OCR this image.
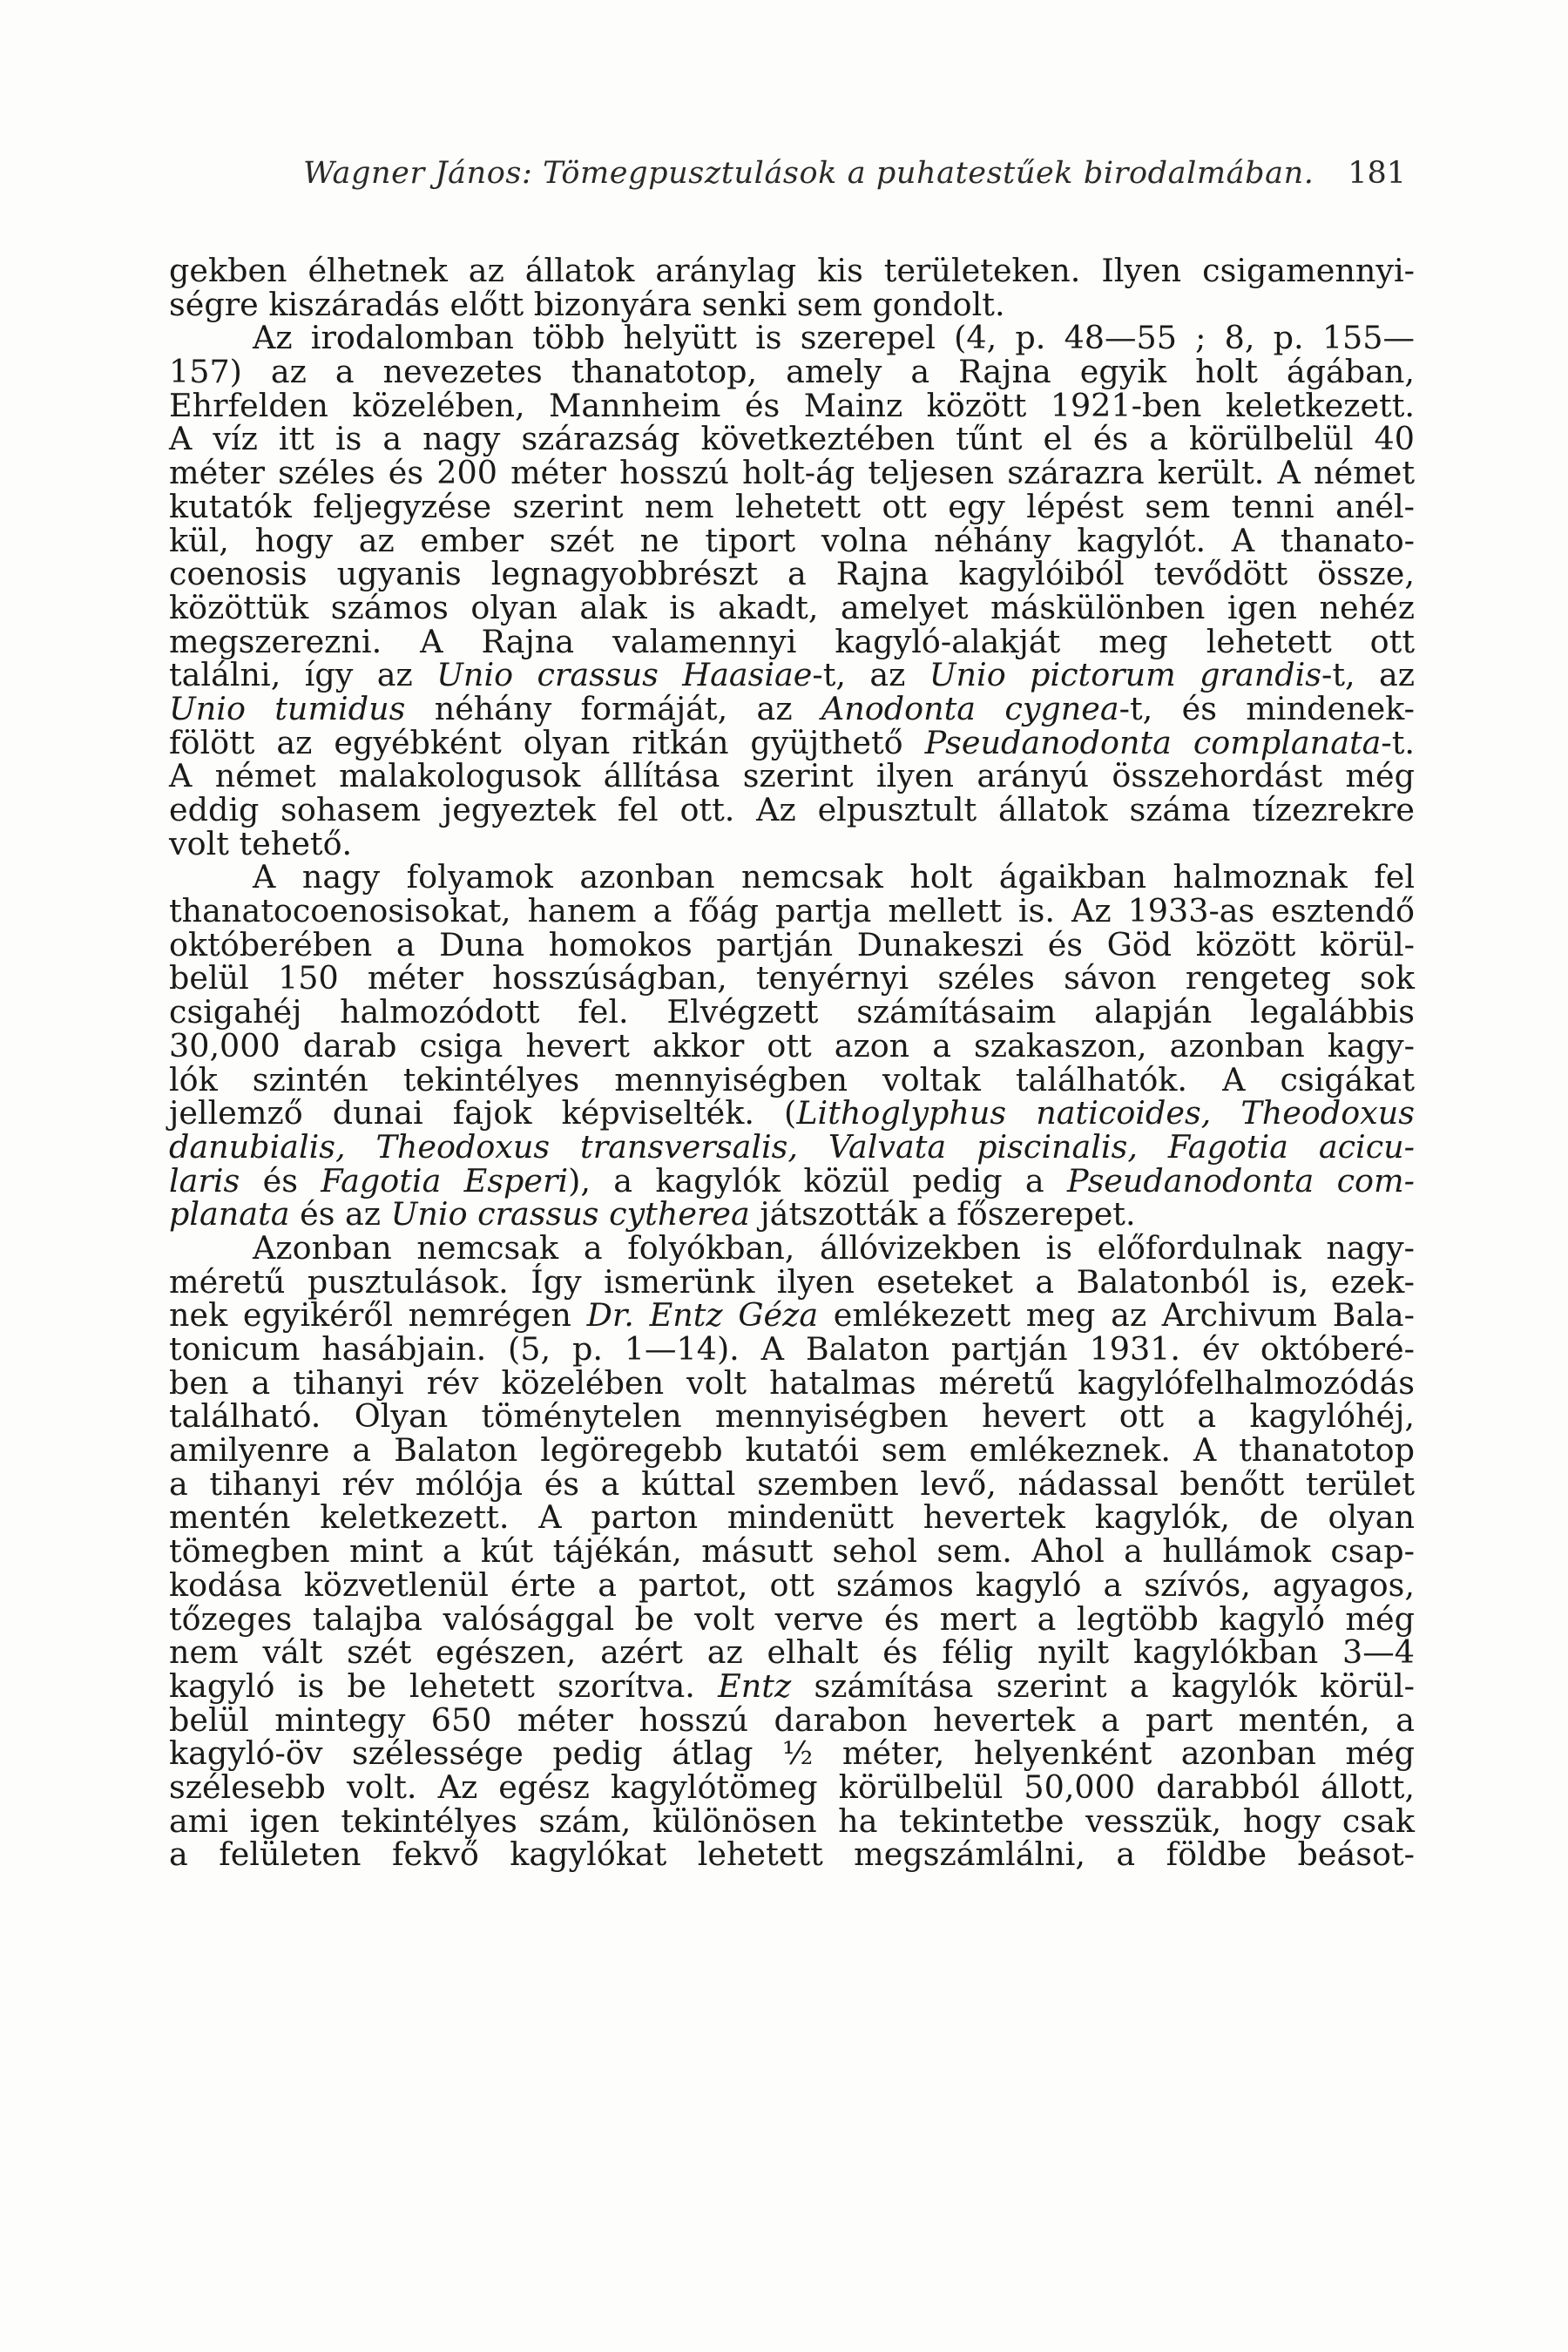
Wagner János: Tömegpusztulások a puhatestűek birodalmában. 181
gekben élhetnek az állatok aránylag kis területeken. Ilyen csigamennyi-
ségre kiszáradás előtt bizonyára senki sem gondolt.
Az irodalomban több helyütt is szerepel (4, p. 48—55 ; 8, p. 155—
157) az a nevezetes thanatotop, amely a Rajna egyik holt ágában,
Ehrfelden közelében, Mannheim és Mainz között 1921-ben keletkezett.
A víz itt is a nagy szárazság következtében tűnt el és a körülbelül 40
méter széles és 200 méter hosszú holt-ág teljesen szárazra került. A német
kutatók feljegyzése szerint nem lehetett ott egy lépést sem tenni anél-
kül, hogy az ember szét ne tiport volna néhány kagylót. A thanato-
coenosis ugyanis legnagyobbrészt a Rajna kagylóiból tevődött össze,
közöttük számos olyan alak is akadt, amelyet máskülönben igen nehéz
megszerezni. A Rajna valamennyi kagyló-alakját meg lehetett ott
találni, így az Unio crassus Haasiae-t, az Unio pictorum grandis-t, az
Unio tumidus néhány formáját, az Anodonta cygnea-t, és mindenek-
fölött az egyébként olyan ritkán gyüjthető Pseudanodonta complanata-t.
A német malakologusok állítása szerint ilyen arányú összehordást még
eddig sohasem jegyeztek fel ott. Az elpusztult állatok száma tízezrekre
volt tehető.
A nagy folyamok azonban nemcsak holt ágaikban halmoznak fel
thanatocoenosisokat, hanem a főág partja mellett is. Az 1933-as esztendő
októberében a Duna homokos partján Dunakeszi és Göd között körül-
belül 150 méter hosszúságban, tenyérnyi széles sávon rengeteg sok
csigahéj halmozódott fel. Elvégzett számításaim alapján legalábbis
30,000 darab csiga hevert akkor ott azon a szakaszon, azonban kagy-
lók szintén tekintélyes mennyiségben voltak találhatók. A csigákat
jellemző dunai fajok képviselték. (Lithoglyphus naticoides, Theodoxus
danubialis, Theodoxus transversalis, Valvata piscinalis, Fagotia acicu-
laris és Fagotia Esperi), a kagylók közül pedig a Pseudanodonta com-
planata és az Unio crassus cytherea játszották a főszerepet.
Azonban nemcsak a folyókban, állóvizekben is előfordulnak nagy-
méretű pusztulások. Így ismerünk ilyen eseteket a Balatonból is, ezek-
nek egyikéről nemrégen Dr. Entz Géza emlékezett meg az Archivum Bala-
tonicum hasábjain. (5, p. 1—14). A Balaton partján 1931. év októberé-
ben a tihanyi rév közelében volt hatalmas méretű kagylófelhalmozódás
található. Olyan töménytelen mennyiségben hevert ott a kagylóhéj,
amilyenre a Balaton legöregebb kutatói sem emlékeznek. A thanatotop
a tihanyi rév mólója és a kúttal szemben levő, nádassal benőtt terület
mentén keletkezett. A parton mindenütt hevertek kagylók, de olyan
tömegben mint a kút tájékán, másutt sehol sem. Ahol a hullámok csap-
kodása közvetlenül érte a partot, ott számos kagyló a szívós, agyagos,
tőzeges talajba valósággal be volt verve és mert a legtöbb kagyló még
nem vált szét egészen, azért az elhalt és félig nyilt kagylókban 3—4
kagyló is be lehetett szorítva. Entz számítása szerint a kagylók körül-
belül mintegy 650 méter hosszú darabon hevertek a part mentén, a
kagyló-öv szélessége pedig átlag ½ méter, helyenként azonban még
szélesebb volt. Az egész kagylótömeg körülbelül 50,000 darabból állott,
ami igen tekintélyes szám, különösen ha tekintetbe vesszük, hogy csak
a felületen fekvő kagylókat lehetett megszámlálni, a földbe beásot-
